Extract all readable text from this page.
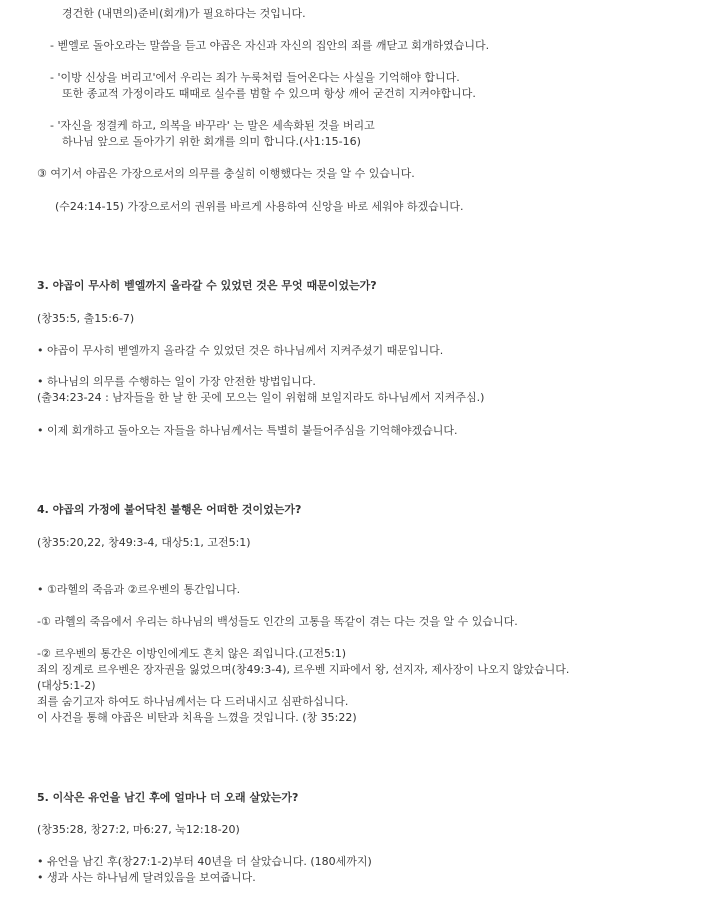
경건한 (내면의)준비(회개)가 필요하다는 것입니다.
- 벧엘로 돌아오라는 말씀을 듣고 야곱은 자신과 자신의 집안의 죄를 깨닫고 회개하였습니다.
- '이방 신상을 버리고'에서 우리는 죄가 누룩처럼 들어온다는 사실을 기억해야 합니다.
또한 종교적 가정이라도 때때로 실수를 범할 수 있으며 항상 깨어 굳건히 지켜야합니다.
- '자신을 정결케 하고, 의복을 바꾸라' 는 말은 세속화된 것을 버리고
하나님 앞으로 돌아가기 위한 회개를 의미 합니다.(사1:15-16)
③ 여기서 야곱은 가장으로서의 의무를 충실히 이행했다는 것을 알 수 있습니다.
(수24:14-15) 가장으로서의 권위를 바르게 사용하여 신앙을 바로 세워야 하겠습니다.
3. 야곱이 무사히 벧엘까지 올라갈 수 있었던 것은 무엇 때문이었는가?
(창35:5, 출15:6-7)
• 야곱이 무사히 벧엘까지 올라갈 수 있었던 것은 하나님께서 지켜주셨기 때문입니다.
• 하나님의 의무를 수행하는 일이 가장 안전한 방법입니다.
(출34:23-24 : 남자들을 한 날 한 곳에 모으는 일이 위험해 보일지라도 하나님께서 지켜주심.)
• 이제 회개하고 돌아오는 자들을 하나님께서는 특별히 붙들어주심을 기억해야겠습니다.
4. 야곱의 가정에 불어닥친 불행은 어떠한 것이었는가?
(창35:20,22, 창49:3-4, 대상5:1, 고전5:1)
• ①라헬의 죽음과 ②르우벤의 통간입니다.
-① 라헬의 죽음에서 우리는 하나님의 백성들도 인간의 고통을 똑같이 겪는 다는 것을 알 수 있습니다.
-② 르우벤의 통간은 이방인에게도 흔치 않은 죄입니다.(고전5:1)
죄의 징계로 르우벤은 장자권을 잃었으며(창49:3-4), 르우벤 지파에서 왕, 선지자, 제사장이 나오지 않았습니다.
(대상5:1-2)
죄를 숨기고자 하여도 하나님께서는 다 드러내시고 심판하십니다.
이 사건을 통해 야곱은 비탄과 치욕을 느꼈을 것입니다. (창 35:22)
5. 이삭은 유언을 남긴 후에 얼마나 더 오래 살았는가?
(창35:28, 창27:2, 마6:27, 눅12:18-20)
• 유언을 남긴 후(창27:1-2)부터 40년을 더 살았습니다. (180세까지)
• 생과 사는 하나님께 달려있음을 보여줍니다.
